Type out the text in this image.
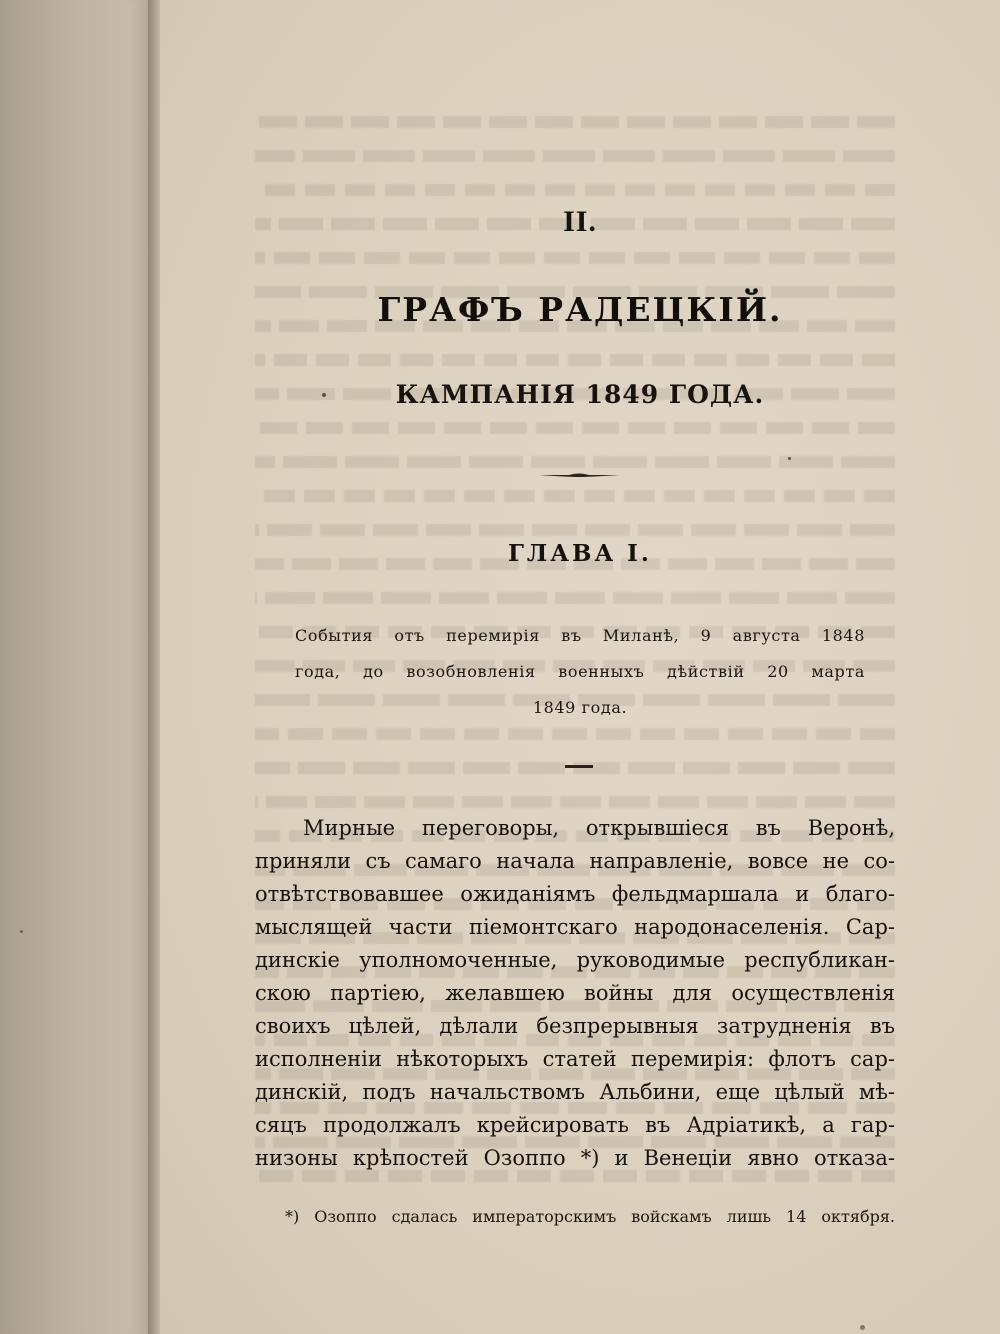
II.
ГРАФЪ РАДЕЦКІЙ.
КАМПАНІЯ 1849 ГОДА.
ГЛАВА I.
События отъ перемирія въ Миланѣ, 9 августа 1848
года, до возобновленія военныхъ дѣйствій 20 марта
1849 года.
Мирные переговоры, открывшіеся въ Веронѣ,
приняли съ самаго начала направленіе, вовсе не со-
отвѣтствовавшее ожиданіямъ фельдмаршала и благо-
мыслящей части піемонтскаго народонаселенія. Сар-
динскіе уполномоченные, руководимые республикан-
скою партіею, желавшею войны для осуществленія
своихъ цѣлей, дѣлали безпрерывныя затрудненія въ
исполненіи нѣкоторыхъ статей перемирія: флотъ сар-
динскій, подъ начальствомъ Альбини, еще цѣлый мѣ-
сяцъ продолжалъ крейсировать въ Адріатикѣ, а гар-
низоны крѣпостей Озоппо *) и Венеціи явно отказа-
*) Озоппо сдалась императорскимъ войскамъ лишь 14 октября.
